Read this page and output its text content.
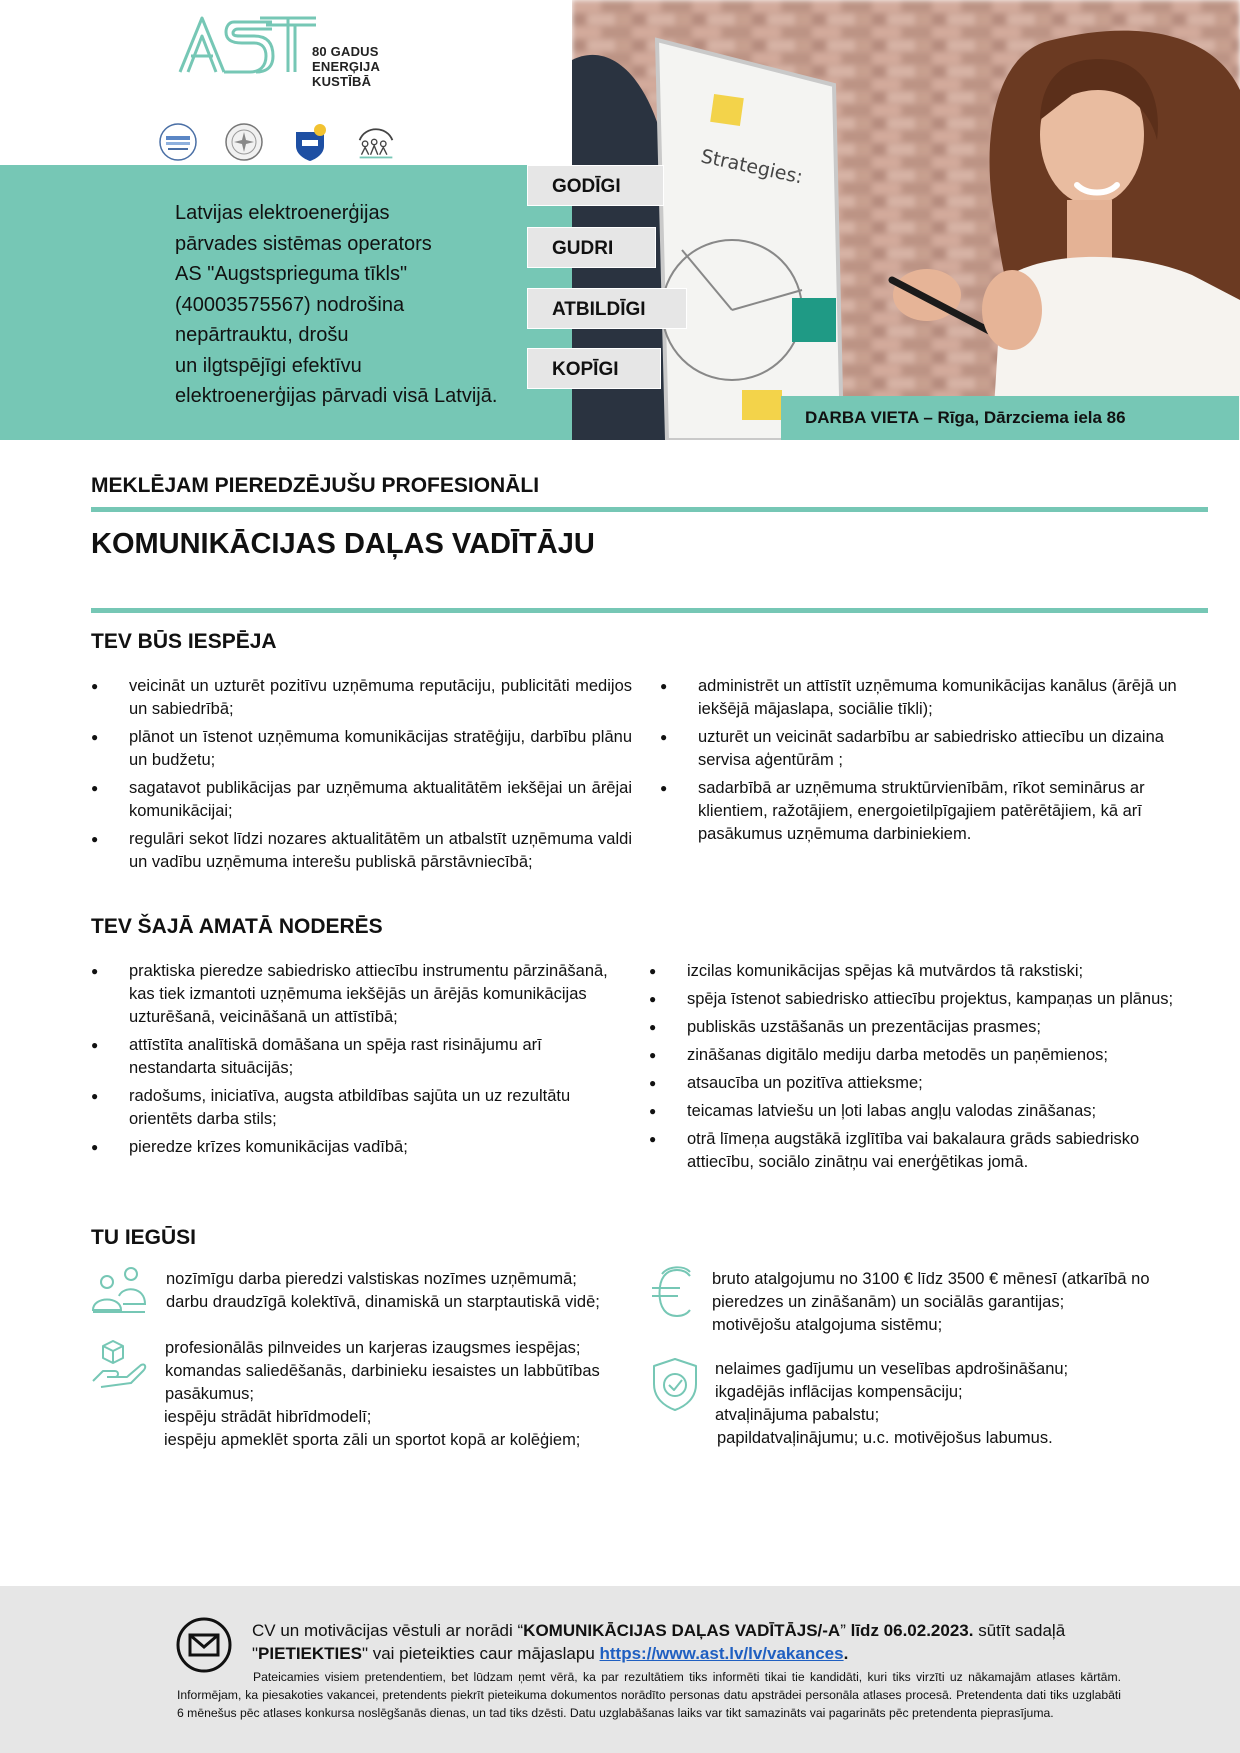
Strategies:
80 GADUS
ENERĢIJA
KUSTĪBĀ
Latvijas elektroenerģijas
pārvades sistēmas operators
AS "Augstsprieguma tīkls"
(40003575567) nodrošina
nepārtrauktu, drošu
un ilgtspējīgi efektīvu
elektroenerģijas pārvadi visā Latvijā.
GODĪGI
GUDRI
ATBILDĪGI
KOPĪGI
DARBA VIETA – Rīga, Dārzciema iela 86
MEKLĒJAM PIEREDZĒJUŠU PROFESIONĀLI
KOMUNIKĀCIJAS DAĻAS VADĪTĀJU
TEV BŪS IESPĒJA
● veicināt un uzturēt pozitīvu uzņēmuma reputāciju, publicitāti medijos un sabiedrībā;
● plānot un īstenot uzņēmuma komunikācijas stratēģiju, darbību plānu un budžetu;
● sagatavot publikācijas par uzņēmuma aktualitātēm iekšējai un ārējai komunikācijai;
● regulāri sekot līdzi nozares aktualitātēm un atbalstīt uzņēmuma valdi un vadību uzņēmuma interešu publiskā pārstāvniecībā;
● administrēt un attīstīt uzņēmuma komunikācijas kanālus (ārējā un iekšējā mājaslapa, sociālie tīkli);
● uzturēt un veicināt sadarbību ar sabiedrisko attiecību un dizaina servisa aģentūrām ;
● sadarbībā ar uzņēmuma struktūrvienībām, rīkot seminārus ar klientiem, ražotājiem, energoietilpīgajiem patērētājiem, kā arī pasākumus uzņēmuma darbiniekiem.
TEV ŠAJĀ AMATĀ NODERĒS
● praktiska pieredze sabiedrisko attiecību instrumentu pārzināšanā, kas tiek izmantoti uzņēmuma iekšējās un ārējās komunikācijas uzturēšanā, veicināšanā un attīstībā;
● attīstīta analītiskā domāšana un spēja rast risinājumu arī nestandarta situācijās;
● radošums, iniciatīva, augsta atbildības sajūta un uz rezultātu orientēts darba stils;
● pieredze krīzes komunikācijas vadībā;
● izcilas komunikācijas spējas kā mutvārdos tā rakstiski;
● spēja īstenot sabiedrisko attiecību projektus, kampaņas un plānus;
● publiskās uzstāšanās un prezentācijas prasmes;
● zināšanas digitālo mediju darba metodēs un paņēmienos;
● atsaucība un pozitīva attieksme;
● teicamas latviešu un ļoti labas angļu valodas zināšanas;
● otrā līmeņa augstākā izglītība vai bakalaura grāds sabiedrisko attiecību, sociālo zinātņu vai enerģētikas jomā.
TU IEGŪSI

nozīmīgu darba pieredzi valstiskas nozīmes uzņēmumā;

darbu draudzīgā kolektīvā, dinamiskā un starptautiskā vidē;

profesionālās pilnveides un karjeras izaugsmes iespējas;

komandas saliedēšanās, darbinieku iesaistes un labbūtības pasākumus;

iespēju strādāt hibrīdmodelī;

iespēju apmeklēt sporta zāli un sportot kopā ar kolēģiem;

bruto atalgojumu no 3100 € līdz 3500 € mēnesī (atkarībā no pieredzes un zināšanām) un sociālās garantijas;

motivējošu atalgojuma sistēmu;

nelaimes gadījumu un veselības apdrošināšanu;

ikgadējās inflācijas kompensāciju;

atvaļinājuma pabalstu;

papildatvaļinājumu; u.c. motivējošus labumus.

CV un motivācijas vēstuli ar norādi “KOMUNIKĀCIJAS DAĻAS VADĪTĀJS/-A” līdz 06.02.2023. sūtīt sadaļā
"PIETIEKTIES" vai pieteikties caur mājaslapu https://www.ast.lv/lv/vakances.
Pateicamies visiem pretendentiem, bet lūdzam ņemt vērā, ka par rezultātiem tiks informēti tikai tie kandidāti, kuri tiks virzīti uz nākamajām atlases kārtām. Informējam, ka piesakoties vakancei, pretendents piekrīt pieteikuma dokumentos norādīto personas datu apstrādei personāla atlases procesā. Pretendenta dati tiks uzglabāti 6 mēnešus pēc atlases konkursa noslēgšanās dienas, un tad tiks dzēsti. Datu uzglabāšanas laiks var tikt samazināts vai pagarināts pēc pretendenta pieprasījuma.
